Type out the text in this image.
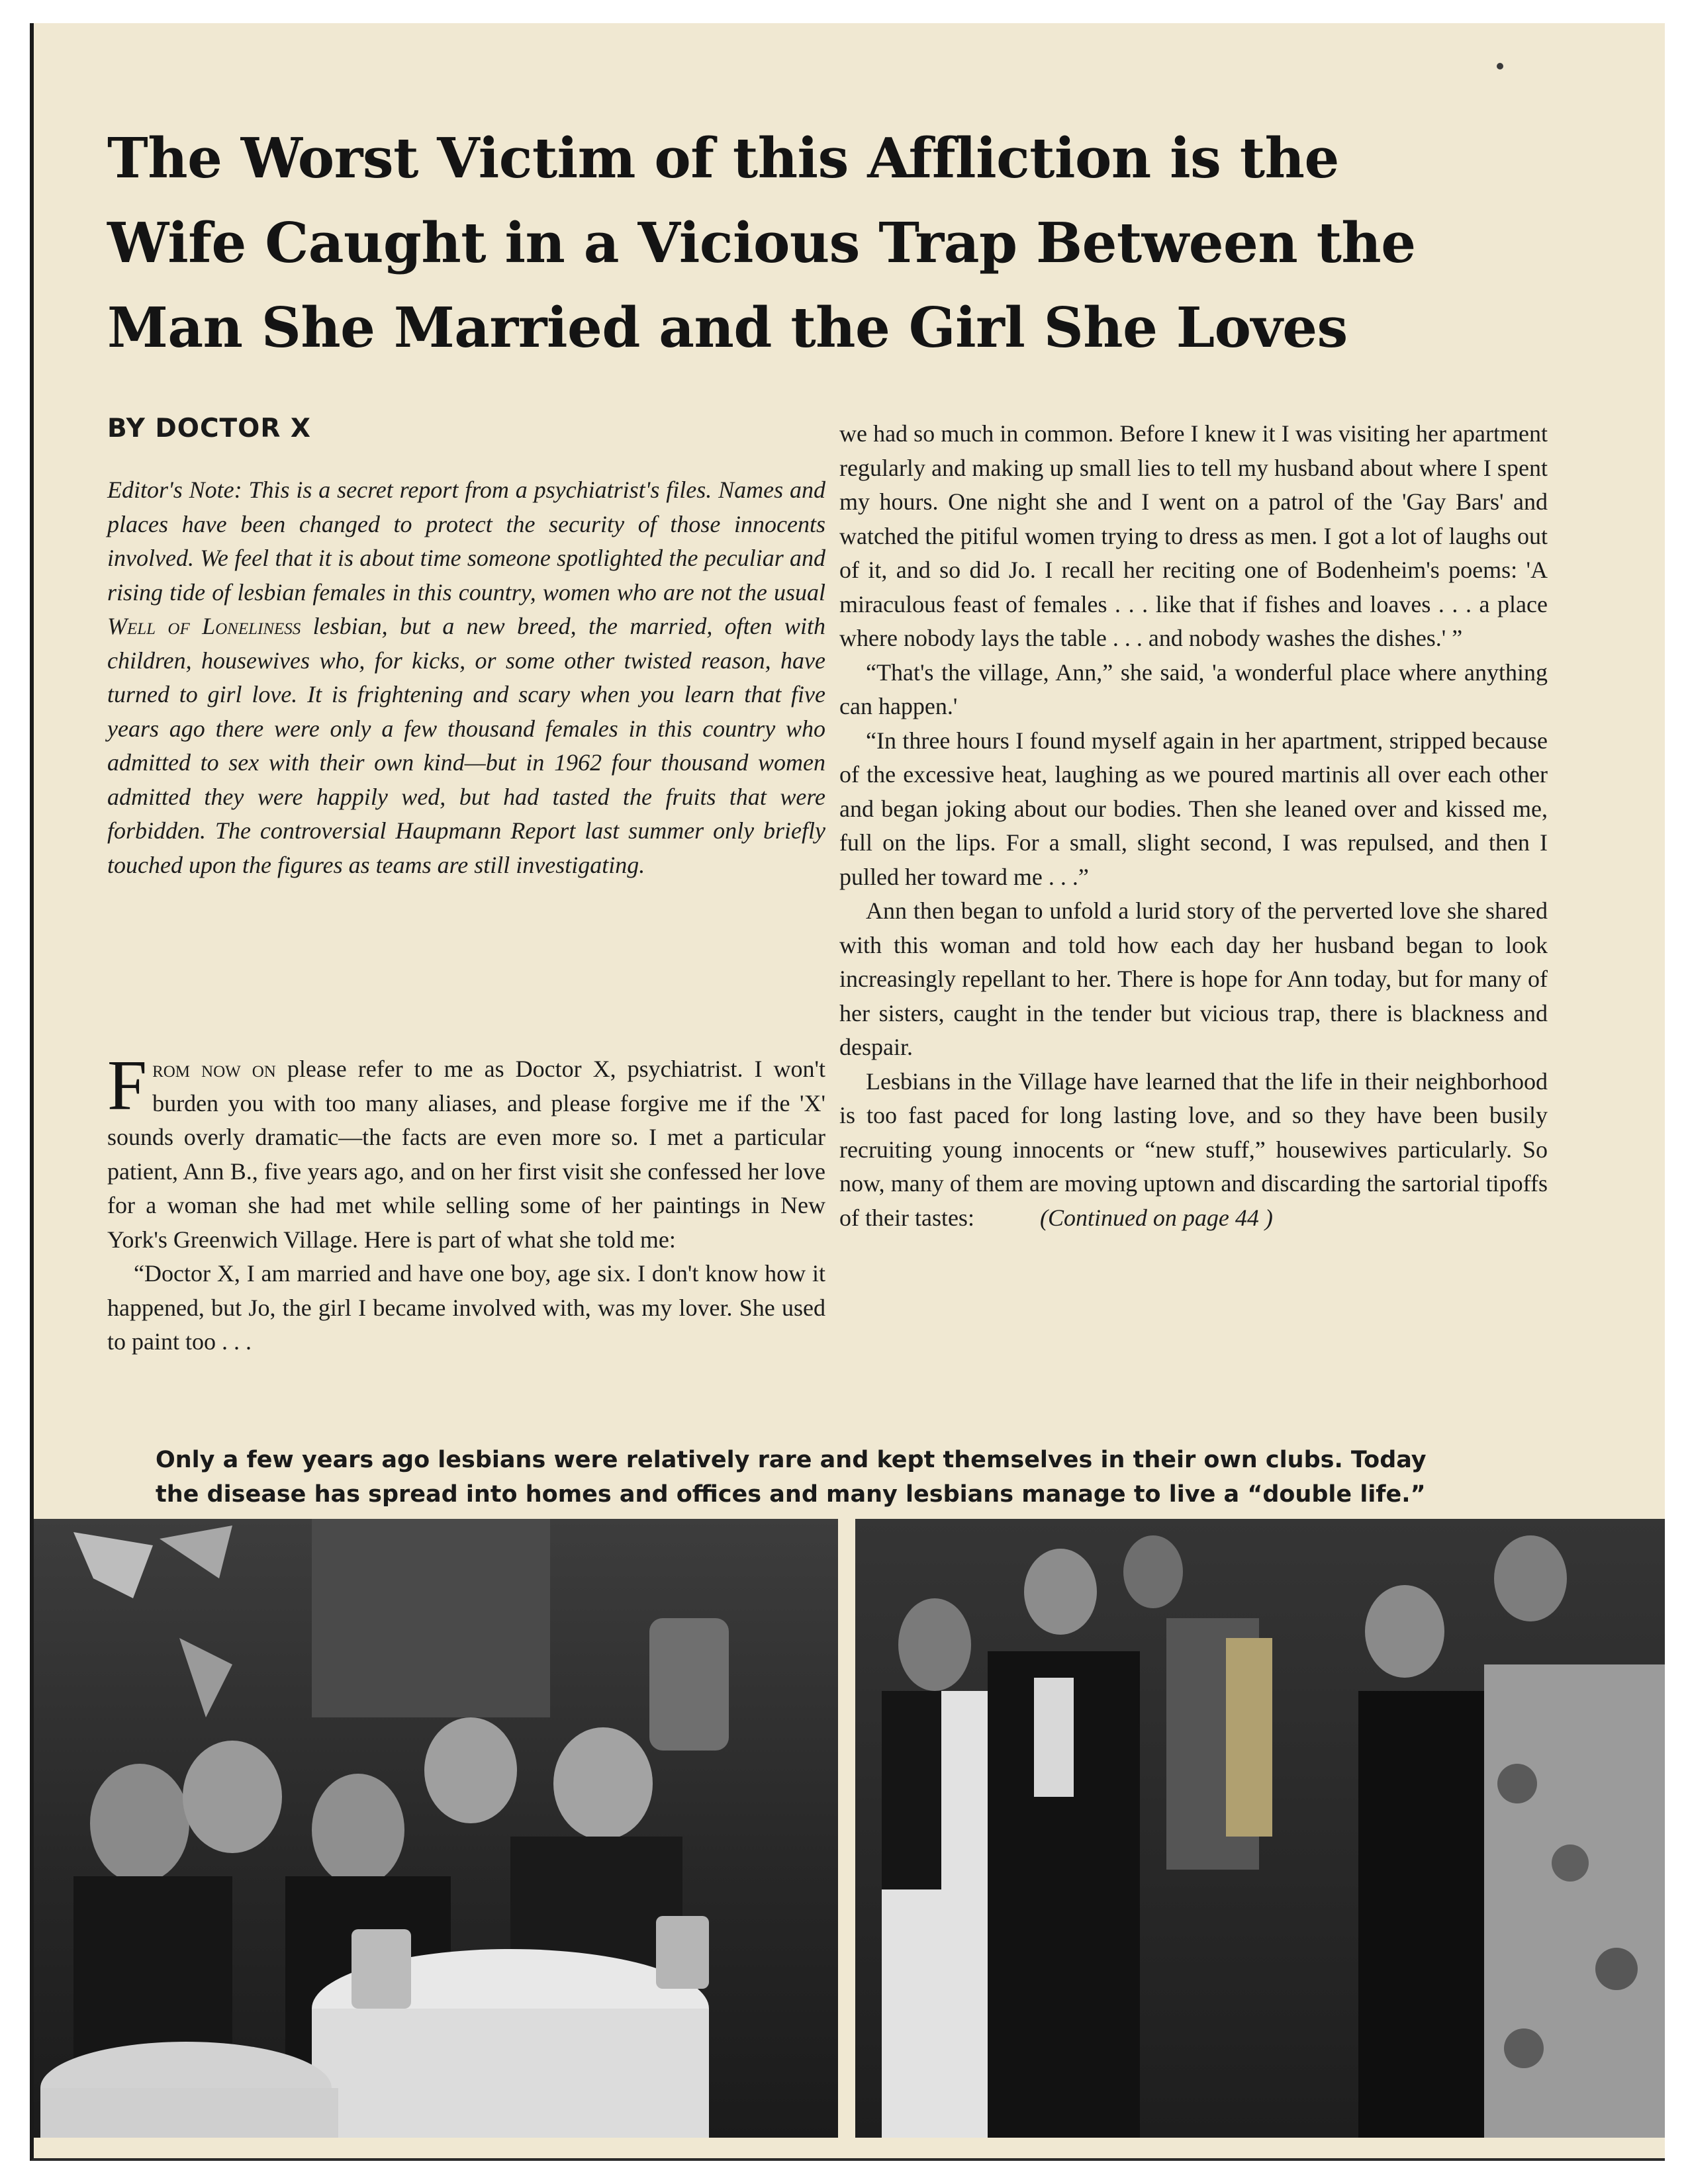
The Worst Victim of this Affliction is the
Wife Caught in a Vicious Trap Between the
Man She Married and the Girl She Loves
BY DOCTOR X
Editor's Note: This is a secret report from a psychiatrist's files. Names and places have been changed to protect the security of those innocents involved. We feel that it is about time someone spotlighted the peculiar and rising tide of lesbian females in this country, women who are not the usual Well of Loneliness lesbian, but a new breed, the married, often with children, housewives who, for kicks, or some other twisted reason, have turned to girl love. It is frightening and scary when you learn that five years ago there were only a few thousand females in this country who admitted to sex with their own kind—but in 1962 four thousand women admitted they were happily wed, but had tasted the fruits that were forbidden. The controversial Haupmann Report last summer only briefly touched upon the figures as teams are still investigating.

From now on please refer to me as Doctor X, psychiatrist. I won't burden you with too many aliases, and please forgive me if the 'X' sounds overly dramatic—the facts are even more so. I met a particular patient, Ann B., five years ago, and on her first visit she confessed her love for a woman she had met while selling some of her paintings in New York's Greenwich Village. Here is part of what she told me:

“Doctor X, I am married and have one boy, age six. I don't know how it happened, but Jo, the girl I became involved with, was my lover. She used to paint too . . .

we had so much in common. Before I knew it I was visiting her apartment regularly and making up small lies to tell my husband about where I spent my hours. One night she and I went on a patrol of the 'Gay Bars' and watched the pitiful women trying to dress as men. I got a lot of laughs out of it, and so did Jo. I recall her reciting one of Bodenheim's poems: 'A miraculous feast of females . . . like that if fishes and loaves . . . a place where nobody lays the table . . . and nobody washes the dishes.' ”

“That's the village, Ann,” she said, 'a wonderful place where anything can happen.'

“In three hours I found myself again in her apartment, stripped because of the excessive heat, laughing as we poured martinis all over each other and began joking about our bodies. Then she leaned over and kissed me, full on the lips. For a small, slight second, I was repulsed, and then I pulled her toward me . . .”

Ann then began to unfold a lurid story of the perverted love she shared with this woman and told how each day her husband began to look increasingly repellant to her. There is hope for Ann today, but for many of her sisters, caught in the tender but vicious trap, there is blackness and despair.

Lesbians in the Village have learned that the life in their neighborhood is too fast paced for long lasting love, and so they have been busily recruiting young innocents or “new stuff,” housewives particularly. So now, many of them are moving uptown and discarding the sartorial tipoffs of their tastes:	(Continued on page 44 )

Only a few years ago lesbians were relatively rare and kept themselves in their own clubs. Today
the disease has spread into homes and offices and many lesbians manage to live a “double life.”
